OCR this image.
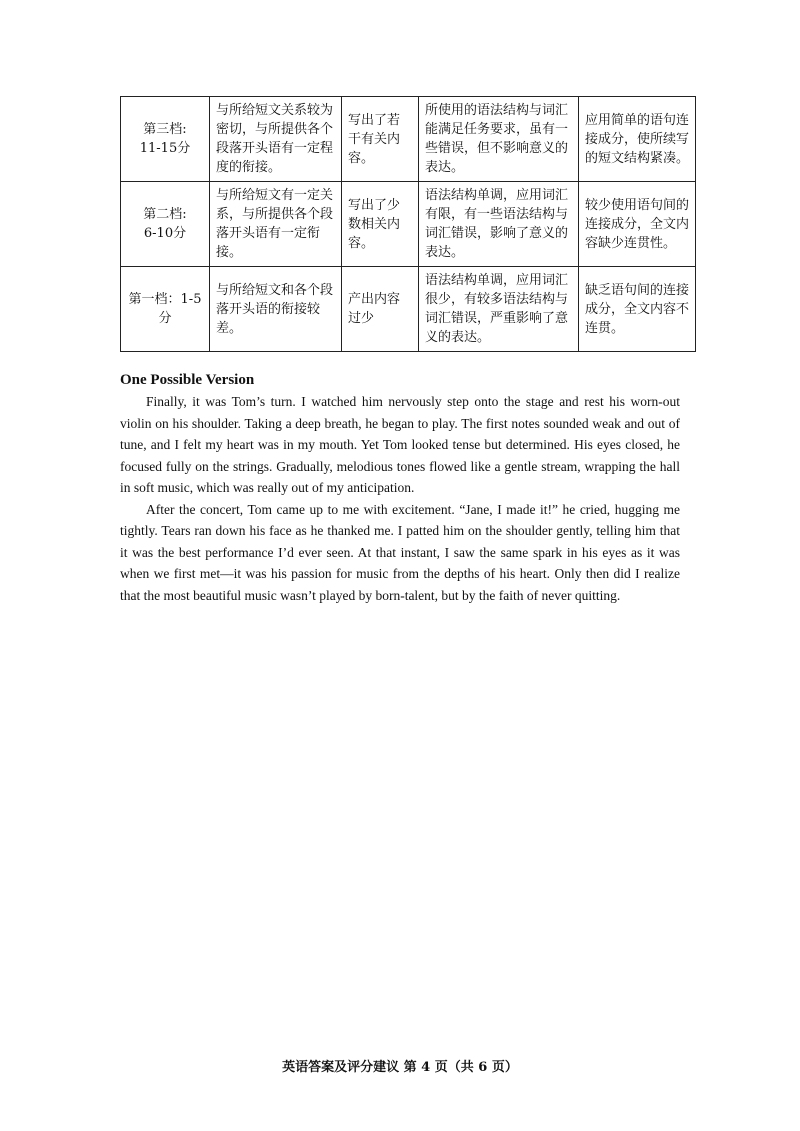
第三档:
11-15分	与所给短文关系较为密切，与所提供各个段落开头语有一定程度的衔接。	写出了若干有关内容。	所使用的语法结构与词汇能满足任务要求，虽有一些错误，但不影响意义的表达。	应用简单的语句连接成分，使所续写的短文结构紧凑。

第二档:
6-10分	与所给短文有一定关系，与所提供各个段落开头语有一定衔接。	写出了少数相关内容。	语法结构单调，应用词汇有限，有一些语法结构与词汇错误，影响了意义的表达。	较少使用语句间的连接成分，全文内容缺少连贯性。

第一档：1-5
分	与所给短文和各个段落开头语的衔接较差。	产出内容过少	语法结构单调，应用词汇很少，有较多语法结构与词汇错误，严重影响了意义的表达。	缺乏语句间的连接成分，全文内容不连贯。
One Possible Version

Finally, it was Tom’s turn. I watched him nervously step onto the stage and rest his worn-out violin on his shoulder. Taking a deep breath, he began to play. The first notes sounded weak and out of tune, and I felt my heart was in my mouth. Yet Tom looked tense but determined. His eyes closed, he focused fully on the strings. Gradually, melodious tones flowed like a gentle stream, wrapping the hall in soft music, which was really out of my anticipation.

After the concert, Tom came up to me with excitement. “Jane, I made it!” he cried, hugging me tightly. Tears ran down his face as he thanked me. I patted him on the shoulder gently, telling him that it was the best performance I’d ever seen. At that instant, I saw the same spark in his eyes as it was when we first met—it was his passion for music from the depths of his heart. Only then did I realize that the most beautiful music wasn’t played by born-talent, but by the faith of never quitting.

英语答案及评分建议 第 4 页（共 6 页）
